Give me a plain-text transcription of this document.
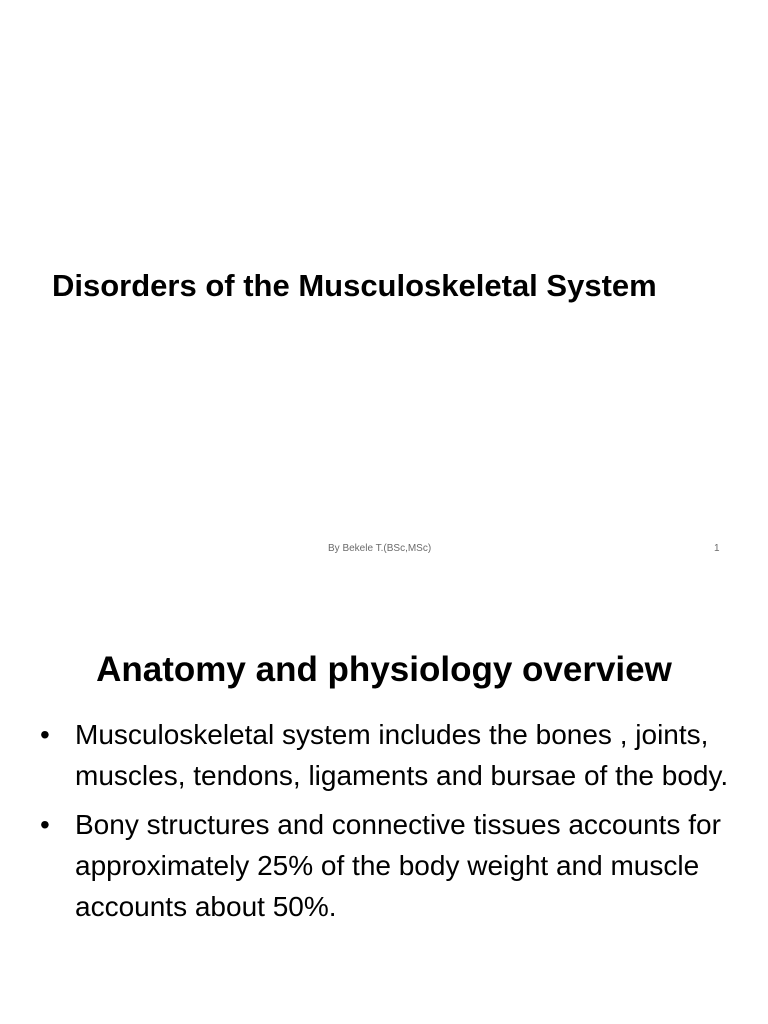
Disorders of the Musculoskeletal System
By Bekele T.(BSc,MSc)	1
Anatomy and physiology overview
• Musculoskeletal system includes the bones , joints, muscles, tendons, ligaments and bursae of the body.
• Bony structures and connective tissues accounts for approximately 25% of the body weight and muscle accounts about 50%.
